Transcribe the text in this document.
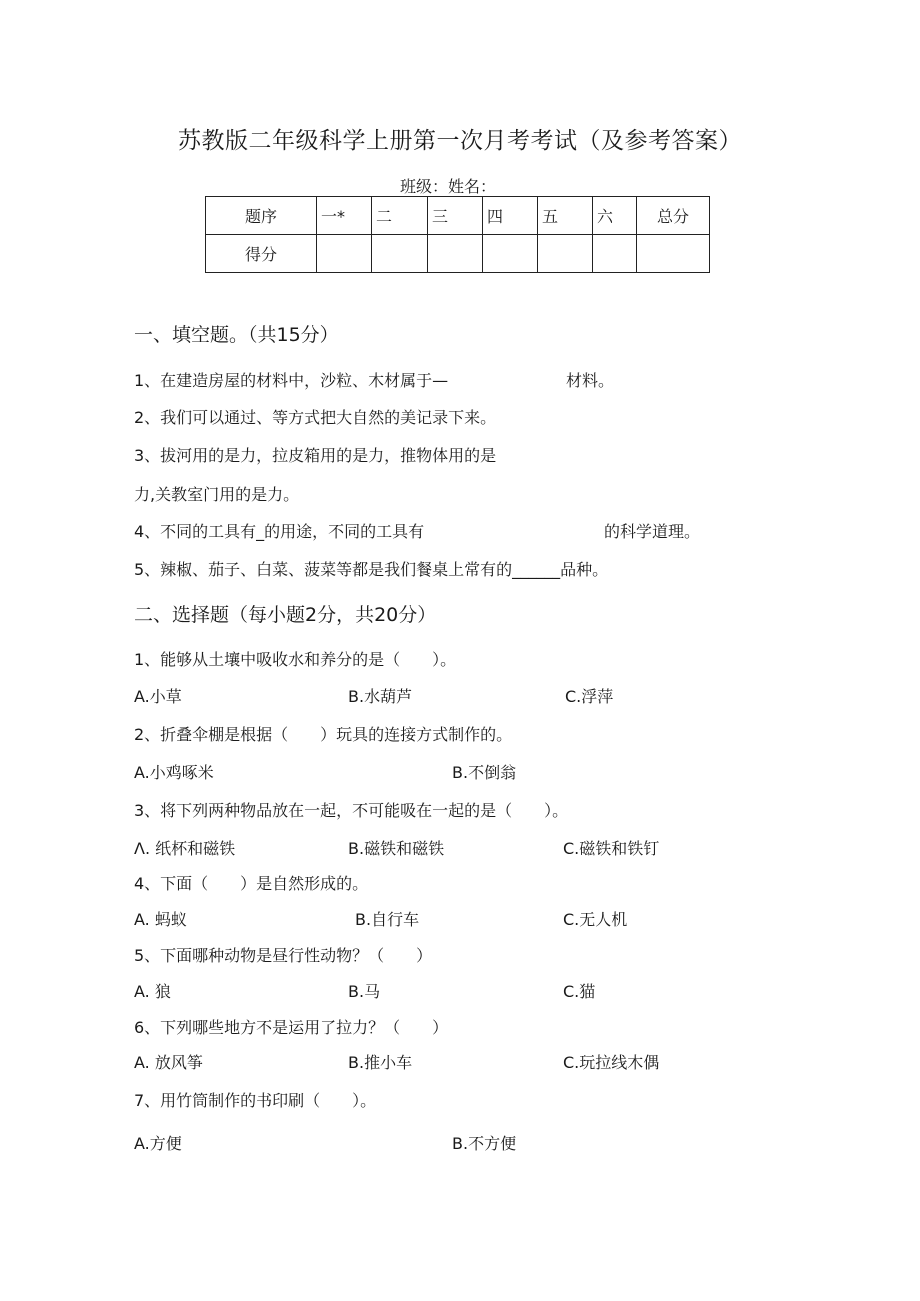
苏教版二年级科学上册第一次月考考试（及参考答案）
班级：姓名：
题序	一*	二	三	四	五	六	总分
得分							
一、填空题。（共15分）
1、在建造房屋的材料中，沙粒、木材属于—	材料。
2、我们可以通过、等方式把大自然的美记录下来。
3、拔河用的是力，拉皮箱用的是力，推物体用的是
力,关教室门用的是力。
4、不同的工具有_的用途，不同的工具有	的科学道理。
5、辣椒、茄子、白菜、菠菜等都是我们餐桌上常有的______品种。
二、选择题（每小题2分，共20分）
1、能够从土壤中吸收水和养分的是（　　）。
A.小草	B.水葫芦	C.浮萍
2、折叠伞棚是根据（　　）玩具的连接方式制作的。
A.小鸡啄米	B.不倒翁
3、将下列两种物品放在一起，不可能吸在一起的是（　　）。
Λ. 纸杯和磁铁	B.磁铁和磁铁	C.磁铁和铁钉
4、下面（　　）是自然形成的。
A. 蚂蚁	B.自行车	C.无人机
5、下面哪种动物是昼行性动物？（　　）
A. 狼	B.马	C.猫
6、下列哪些地方不是运用了拉力？（　　）
A. 放风筝	B.推小车	C.玩拉线木偶
7、用竹筒制作的书印刷（　　）。
A.方便	B.不方便
